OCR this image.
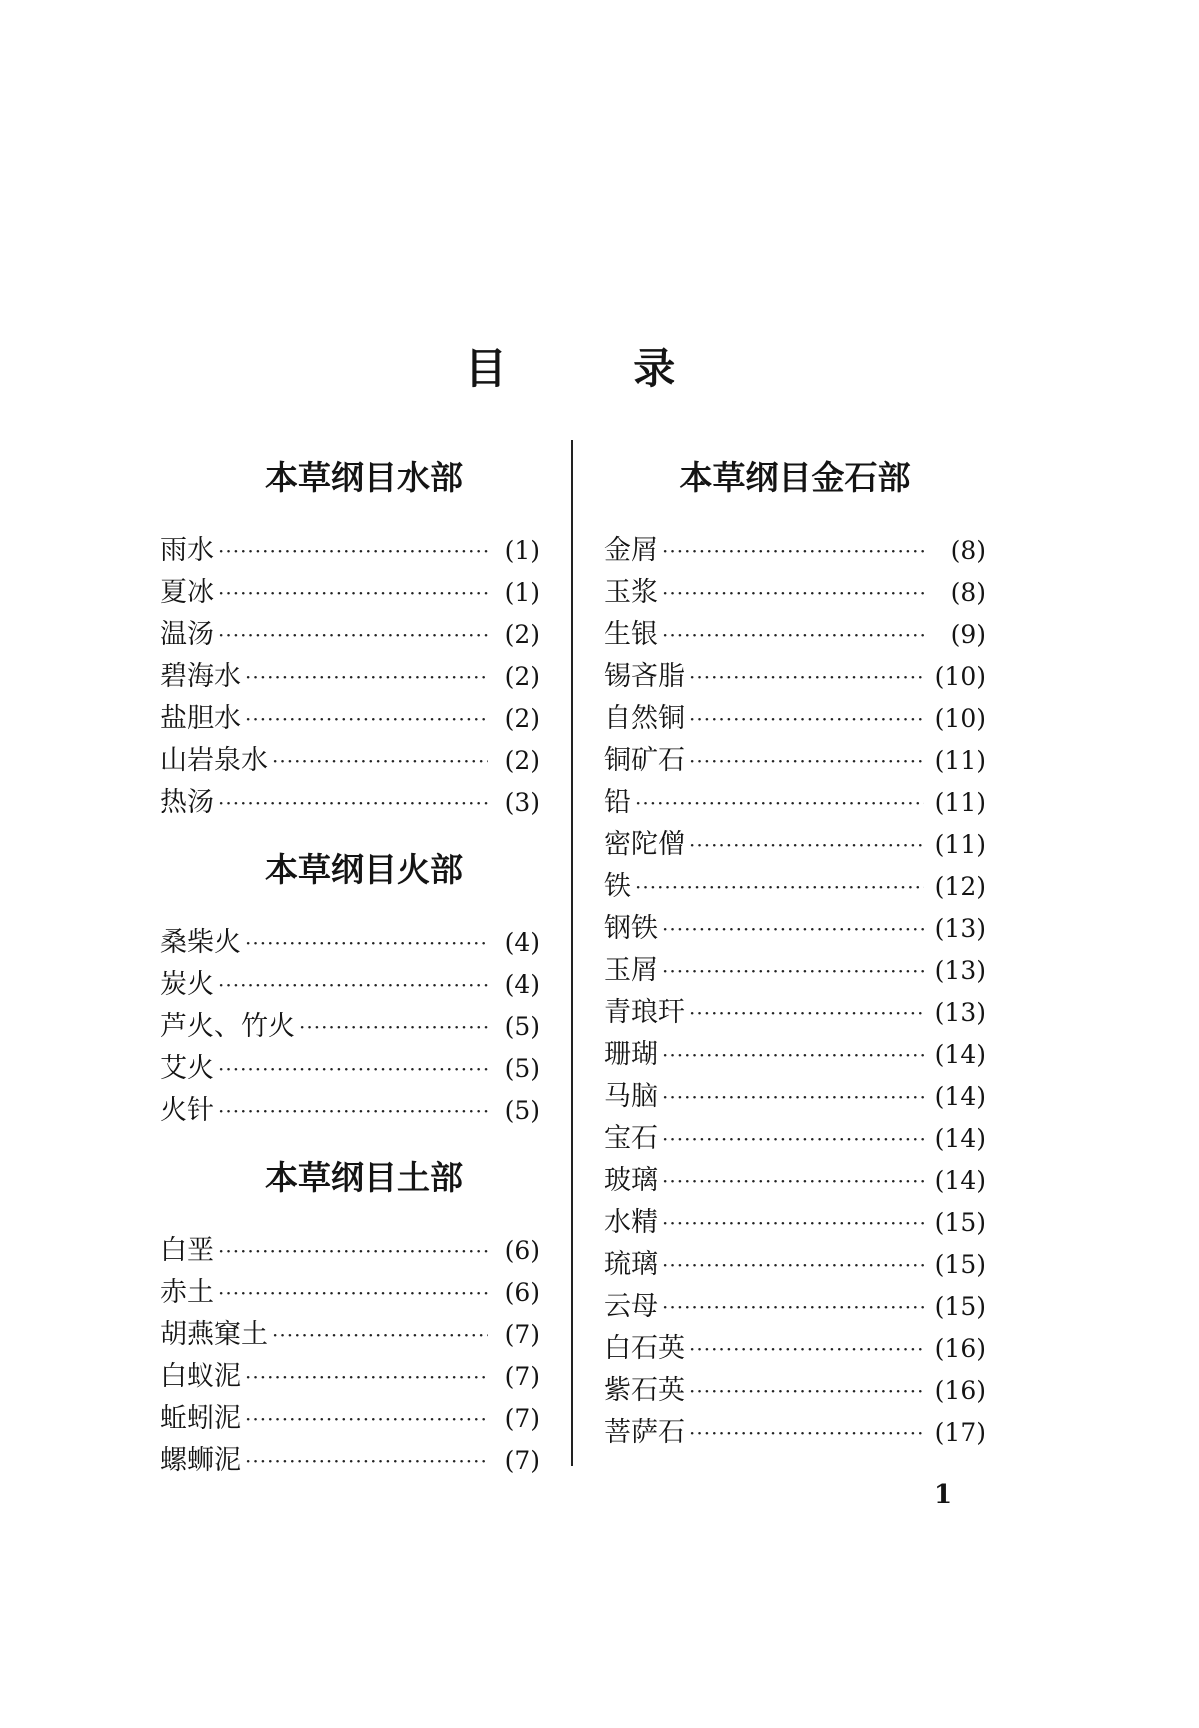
目 录
本草纲目水部
雨水 ·····	(1)
夏冰 ·····	(1)
温汤 ·····	(2)
碧海水 ·····	(2)
盐胆水 ·····	(2)
山岩泉水 ·····	(2)
热汤 ·····	(3)
本草纲目火部
桑柴火 ·····	(4)
炭火 ·····	(4)
芦火、竹火 ·····	(5)
艾火 ·····	(5)
火针 ·····	(5)
本草纲目土部
白垩 ·····	(6)
赤土 ·····	(6)
胡燕窠土 ·····	(7)
白蚁泥 ·····	(7)
蚯蚓泥 ·····	(7)
螺蛳泥 ·····	(7)
本草纲目金石部
金屑 ·····	(8)
玉浆 ·····	(8)
生银 ·····	(9)
锡吝脂 ·····	(10)
自然铜 ·····	(10)
铜矿石 ·····	(11)
铅 ·····	(11)
密陀僧 ·····	(11)
铁 ·····	(12)
钢铁 ·····	(13)
玉屑 ·····	(13)
青琅玕 ·····	(13)
珊瑚 ·····	(14)
马脑 ·····	(14)
宝石 ·····	(14)
玻璃 ·····	(14)
水精 ·····	(15)
琉璃 ·····	(15)
云母 ·····	(15)
白石英 ·····	(16)
紫石英 ·····	(16)
菩萨石 ·····	(17)
1
